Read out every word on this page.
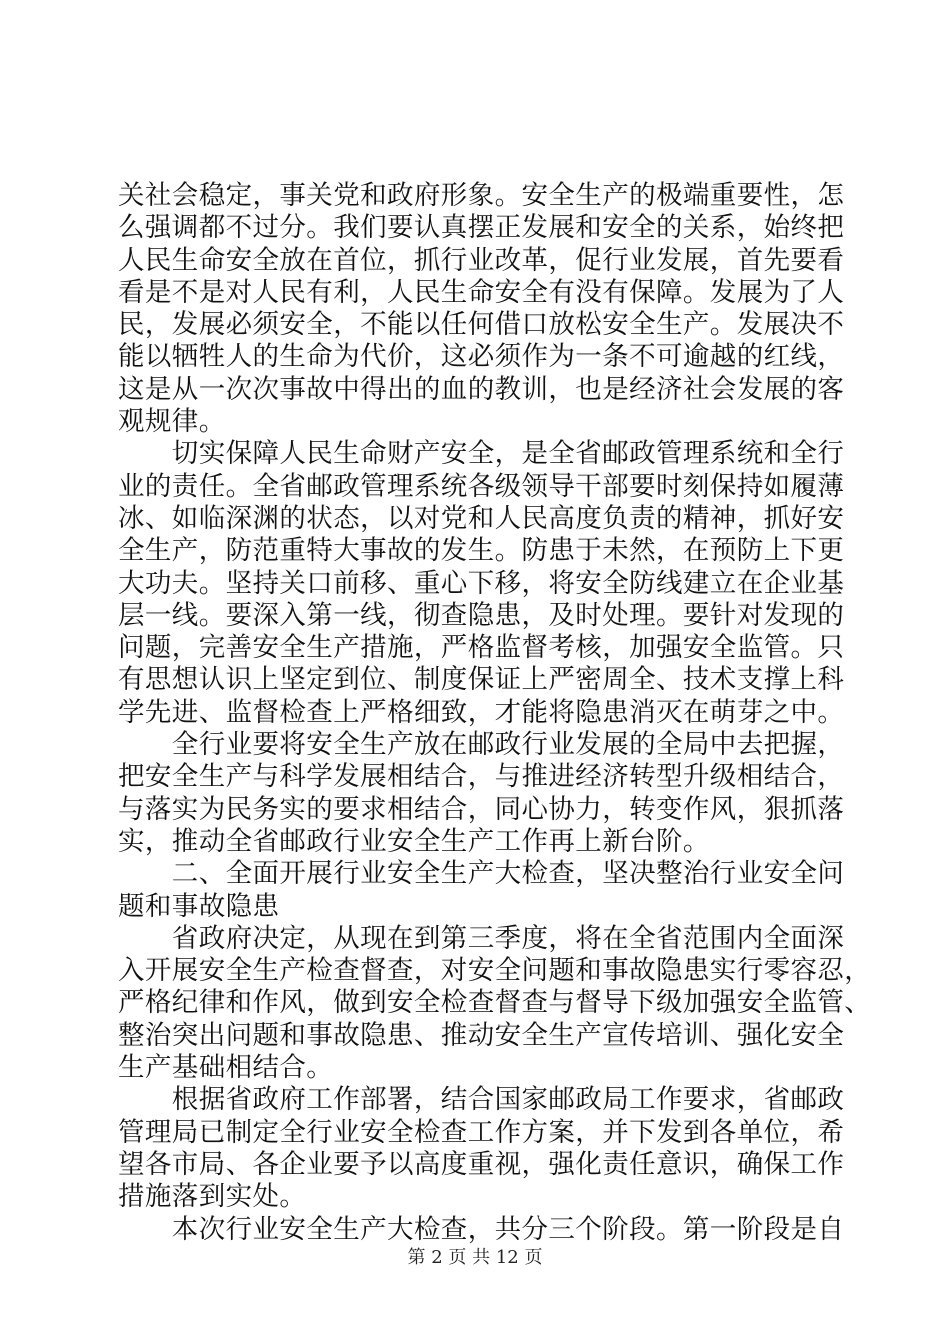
关社会稳定，事关党和政府形象。安全生产的极端重要性，怎
么强调都不过分。我们要认真摆正发展和安全的关系，始终把
人民生命安全放在首位，抓行业改革，促行业发展，首先要看
看是不是对人民有利，人民生命安全有没有保障。发展为了人
民，发展必须安全，不能以任何借口放松安全生产。发展决不
能以牺牲人的生命为代价，这必须作为一条不可逾越的红线，
这是从一次次事故中得出的血的教训，也是经济社会发展的客
观规律。
　　切实保障人民生命财产安全，是全省邮政管理系统和全行
业的责任。全省邮政管理系统各级领导干部要时刻保持如履薄
冰、如临深渊的状态，以对党和人民高度负责的精神，抓好安
全生产，防范重特大事故的发生。防患于未然，在预防上下更
大功夫。坚持关口前移、重心下移，将安全防线建立在企业基
层一线。要深入第一线，彻查隐患，及时处理。要针对发现的
问题，完善安全生产措施，严格监督考核，加强安全监管。只
有思想认识上坚定到位、制度保证上严密周全、技术支撑上科
学先进、监督检查上严格细致，才能将隐患消灭在萌芽之中。
　　全行业要将安全生产放在邮政行业发展的全局中去把握，
把安全生产与科学发展相结合，与推进经济转型升级相结合，
与落实为民务实的要求相结合，同心协力，转变作风，狠抓落
实，推动全省邮政行业安全生产工作再上新台阶。
　　二、全面开展行业安全生产大检查，坚决整治行业安全问
题和事故隐患
　　省政府决定，从现在到第三季度，将在全省范围内全面深
入开展安全生产检查督查，对安全问题和事故隐患实行零容忍，
严格纪律和作风，做到安全检查督查与督导下级加强安全监管、
整治突出问题和事故隐患、推动安全生产宣传培训、强化安全
生产基础相结合。
　　根据省政府工作部署，结合国家邮政局工作要求，省邮政
管理局已制定全行业安全检查工作方案，并下发到各单位，希
望各市局、各企业要予以高度重视，强化责任意识，确保工作
措施落到实处。
　　本次行业安全生产大检查，共分三个阶段。第一阶段是自
第 2 页 共 12 页
